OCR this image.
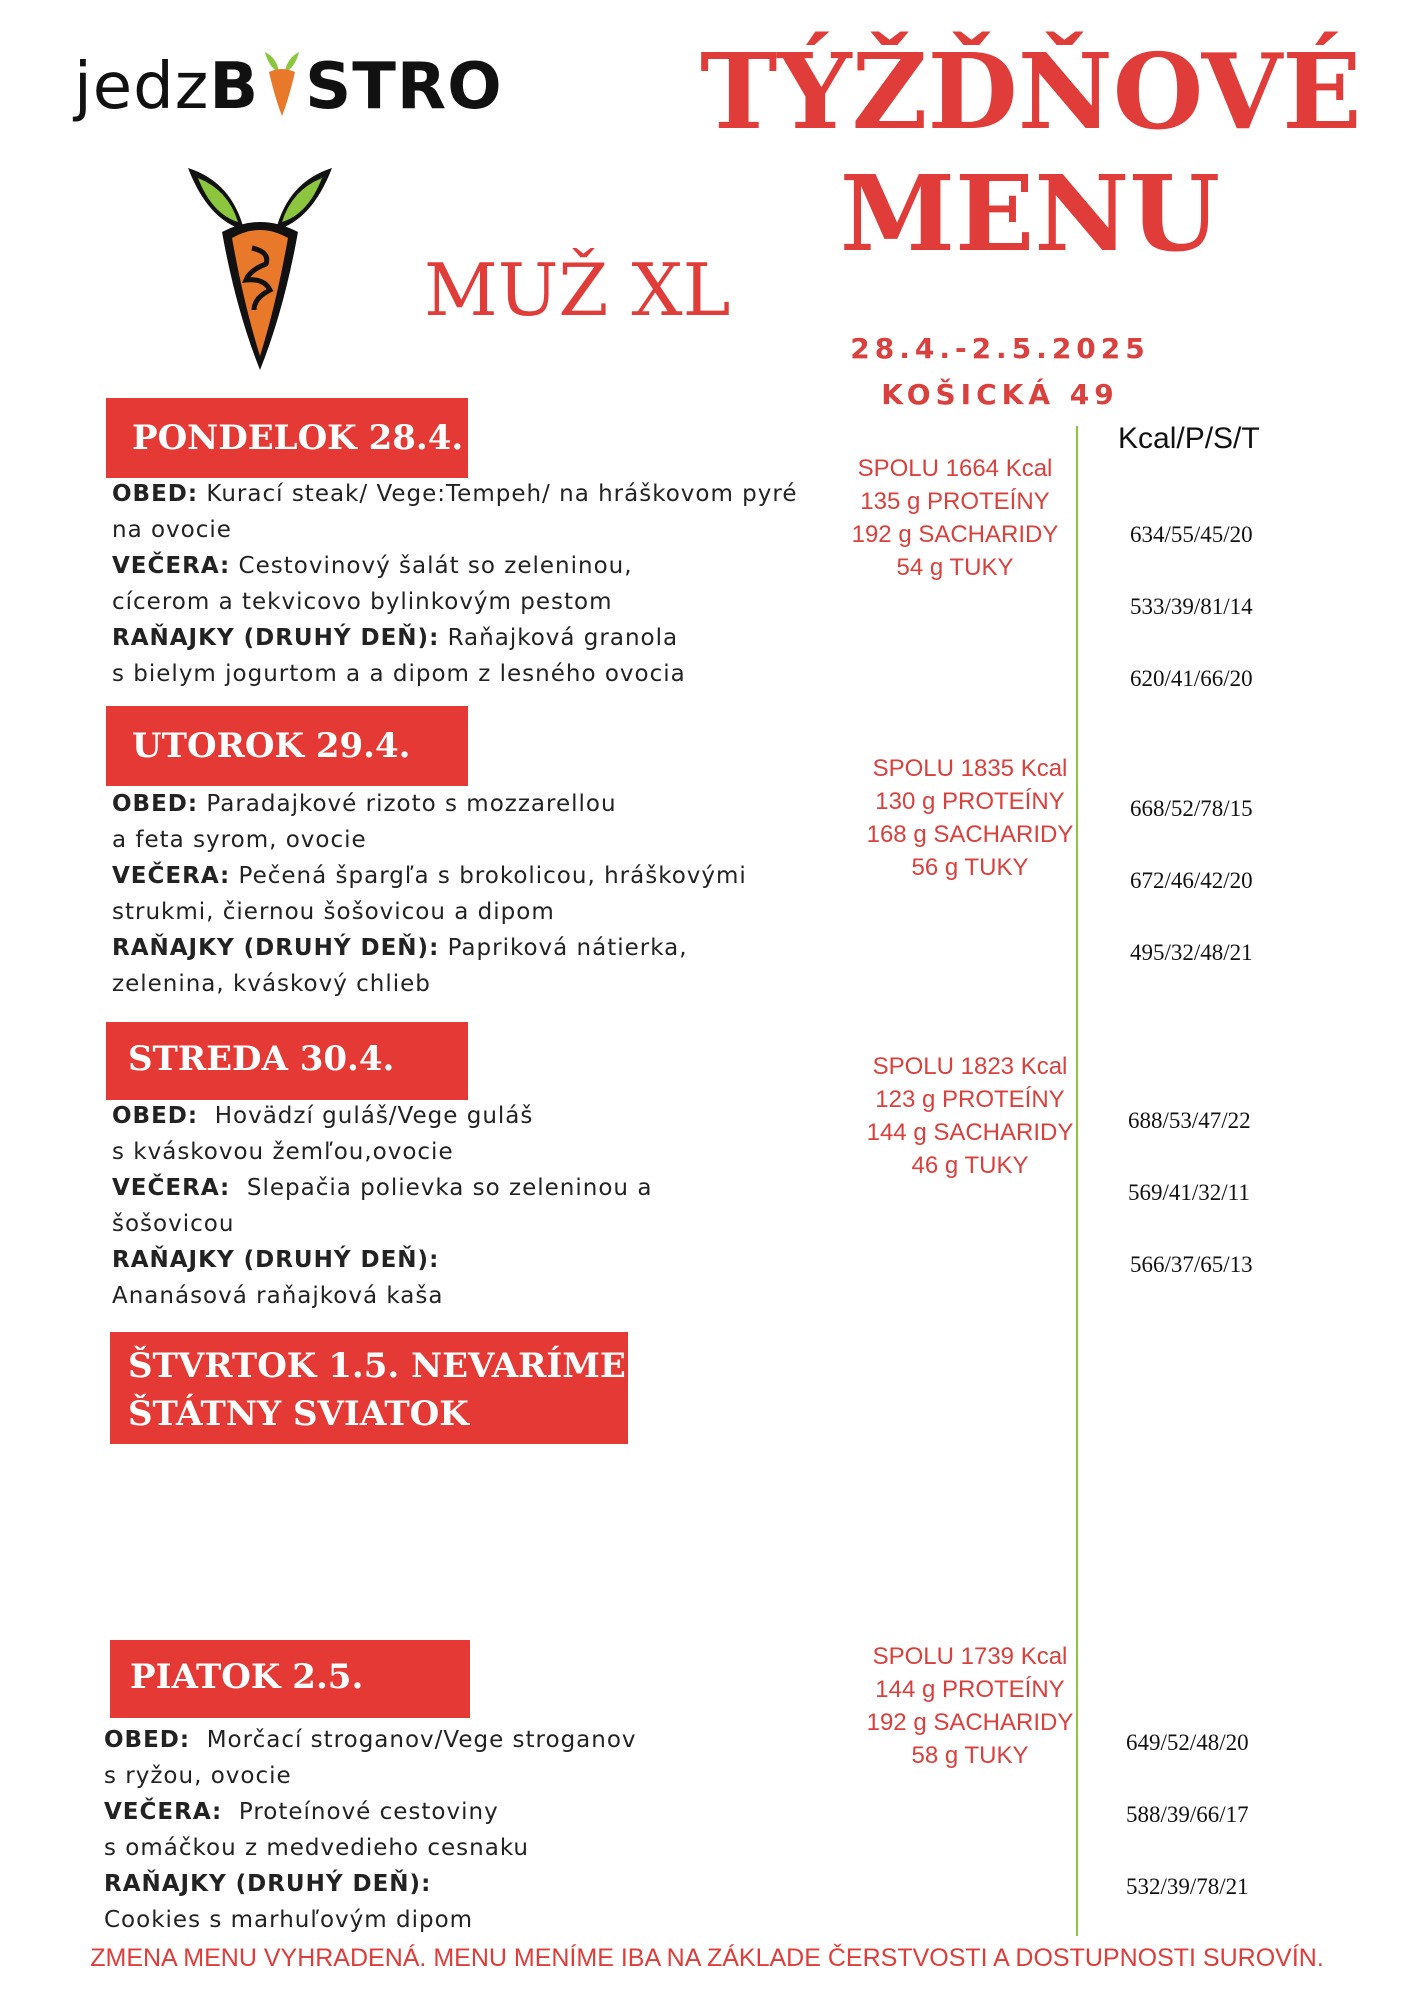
jedzB STRO TÝŽĎŇOVÉ
MENU
MUŽ XL
28.4.-2.5.2025
KOŠICKÁ 49
Kcal/P/S/T
PONDELOK 28.4.
OBED: Kurací steak/ Vege:Tempeh/ na hráškovom pyré
na ovocie
VEČERA: Cestovinový šalát so zeleninou,
cícerom a tekvicovo bylinkovým pestom
RAŇAJKY (DRUHÝ DEŇ): Raňajková granola
s bielym jogurtom a a dipom z lesného ovocia
SPOLU 1664 Kcal
135 g PROTEÍNY
192 g SACHARIDY
54 g TUKY
634/55/45/20
533/39/81/14
620/41/66/20
UTOROK 29.4.
OBED: Paradajkové rizoto s mozzarellou
a feta syrom, ovocie
VEČERA: Pečená špargľa s brokolicou, hráškovými
strukmi, čiernou šošovicou a dipom
RAŇAJKY (DRUHÝ DEŇ): Papriková nátierka,
zelenina, kváskový chlieb
SPOLU 1835 Kcal
130 g PROTEÍNY
168 g SACHARIDY
56 g TUKY
668/52/78/15
672/46/42/20
495/32/48/21
STREDA 30.4.
OBED:  Hovädzí guláš/Vege guláš
s kváskovou žemľou,ovocie
VEČERA:  Slepačia polievka so zeleninou a
šošovicou
RAŇAJKY (DRUHÝ DEŇ):
Ananásová raňajková kaša
SPOLU 1823 Kcal
123 g PROTEÍNY
144 g SACHARIDY
46 g TUKY
688/53/47/22
569/41/32/11
566/37/65/13
ŠTVRTOK 1.5. NEVARÍME
ŠTÁTNY SVIATOK
PIATOK 2.5.
OBED:  Morčací stroganov/Vege stroganov
s ryžou, ovocie
VEČERA:  Proteínové cestoviny
s omáčkou z medvedieho cesnaku
RAŇAJKY (DRUHÝ DEŇ):
Cookies s marhuľovým dipom
SPOLU 1739 Kcal
144 g PROTEÍNY
192 g SACHARIDY
58 g TUKY	649/52/48/20
588/39/66/17
532/39/78/21
ZMENA MENU VYHRADENÁ. MENU MENÍME IBA NA ZÁKLADE ČERSTVOSTI A DOSTUPNOSTI SUROVÍN.
